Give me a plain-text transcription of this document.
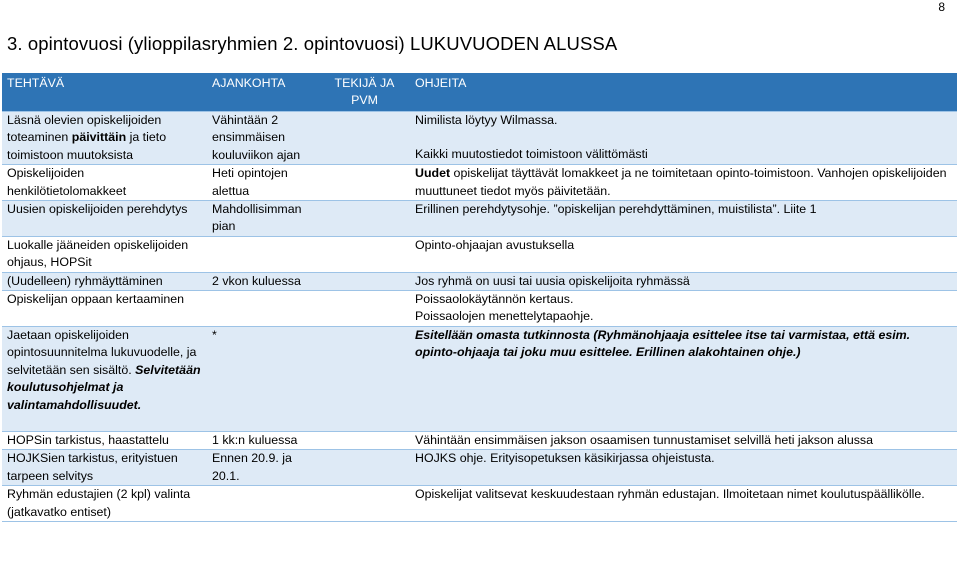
8
3. opintovuosi (ylioppilasryhmien 2. opintovuosi) LUKUVUODEN ALUSSA
TEHTÄVÄ	AJANKOHTA	TEKIJÄ JA PVM	OHJEITA
Läsnä olevien opiskelijoiden toteaminen päivittäin ja tieto toimistoon muutoksista	Vähintään 2 ensimmäisen kouluviikon ajan		Nimilista löytyy Wilmassa.
Kaikki muutostiedot toimistoon välittömästi

Opiskelijoiden henkilötietolomakkeet	Heti opintojen alettua		Uudet opiskelijat täyttävät lomakkeet ja ne toimitetaan opinto-toimistoon. Vanhojen opiskelijoiden muuttuneet tiedot myös päivitetään.
Uusien opiskelijoiden perehdytys	Mahdollisimman pian		Erillinen perehdytysohje. ”opiskelijan perehdyttäminen, muistilista”. Liite 1
Luokalle jääneiden opiskelijoiden ohjaus, HOPSit			Opinto-ohjaajan avustuksella
(Uudelleen) ryhmäyttäminen	2 vkon kuluessa		Jos ryhmä on uusi tai uusia opiskelijoita ryhmässä
Opiskelijan oppaan kertaaminen			Poissaolokäytännön kertaus.
Poissaolojen menettelytapaohje.

Jaetaan opiskelijoiden opintosuunnitelma lukuvuodelle, ja selvitetään sen sisältö. Selvitetään koulutusohjelmat ja valintamahdollisuudet.	*		Esitellään omasta tutkinnosta (Ryhmänohjaaja esittelee itse tai varmistaa, että esim. opinto-ohjaaja tai joku muu esittelee. Erillinen alakohtainen ohje.)
HOPSin tarkistus, haastattelu	1 kk:n kuluessa		Vähintään ensimmäisen jakson osaamisen tunnustamiset selvillä heti jakson alussa
HOJKSien tarkistus, erityistuen tarpeen selvitys	Ennen 20.9. ja 20.1.		HOJKS ohje. Erityisopetuksen käsikirjassa ohjeistusta.
Ryhmän edustajien (2 kpl) valinta (jatkavatko entiset)			Opiskelijat valitsevat keskuudestaan ryhmän edustajan. Ilmoitetaan nimet koulutuspäällikölle.
